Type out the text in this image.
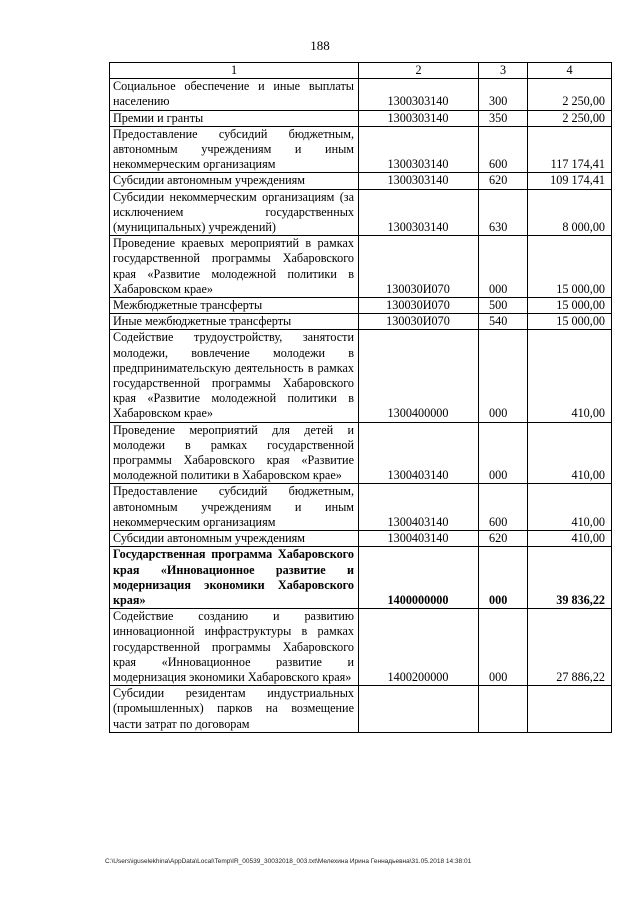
188
1	2	3	4
Социальное обеспечение и иные выплаты населению	1300303140	300	2 250,00
Премии и гранты	1300303140	350	2 250,00
Предоставление субсидий бюджетным, автономным учреждениям и иным некоммерческим организациям	1300303140	600	117 174,41
Субсидии автономным учреждениям	1300303140	620	109 174,41
Субсидии некоммерческим организациям (за исключением государственных (муниципальных) учреждений)	1300303140	630	8 000,00
Проведение краевых мероприятий в рамках государственной программы Хабаровского края «Развитие молодежной политики в Хабаровском крае»	130030И070	000	15 000,00
Межбюджетные трансферты	130030И070	500	15 000,00
Иные межбюджетные трансферты	130030И070	540	15 000,00
Содействие трудоустройству, занятости молодежи, вовлечение молодежи в предпринимательскую деятельность в рамках государственной программы Хабаровского края «Развитие молодежной политики в Хабаровском крае»	1300400000	000	410,00
Проведение мероприятий для детей и молодежи в рамках государственной программы Хабаровского края «Развитие молодежной политики в Хабаровском крае»	1300403140	000	410,00
Предоставление субсидий бюджетным, автономным учреждениям и иным некоммерческим организациям	1300403140	600	410,00
Субсидии автономным учреждениям	1300403140	620	410,00
Государственная программа Хабаровского края «Инновационное развитие и модернизация экономики Хабаровского края»	1400000000	000	39 836,22
Содействие созданию и развитию инновационной инфраструктуры в рамках государственной программы Хабаровского края «Инновационное развитие и модернизация экономики Хабаровского края»	1400200000	000	27 886,22
Субсидии резидентам индустриальных (промышленных) парков на возмещение части затрат по договорам			
C:\Users\iguselekhina\AppData\Local\Temp\IR_00539_30032018_003.txt\Мелехина Ирина Геннадьевна\31.05.2018 14:38:01
